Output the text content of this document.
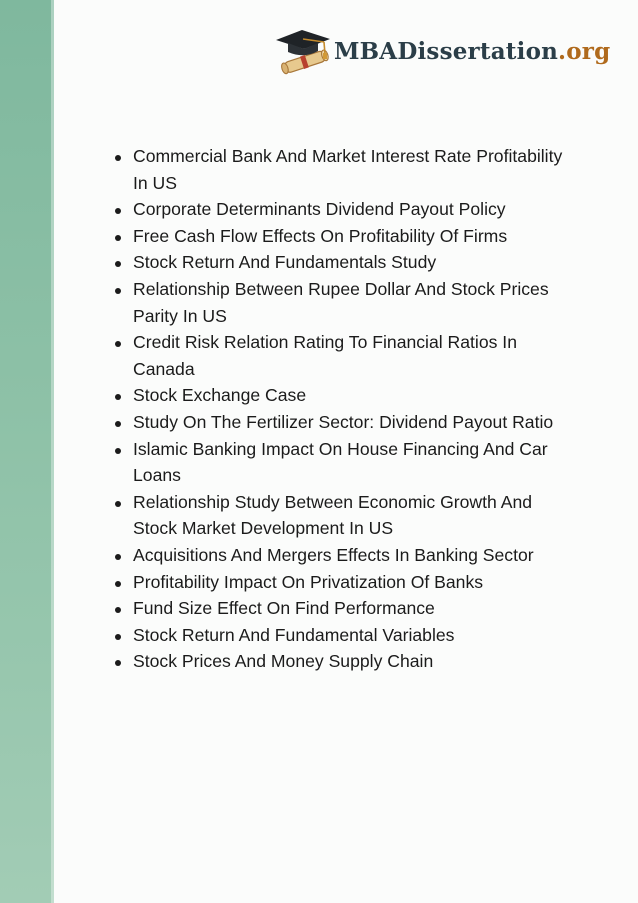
MBADissertation.org
Commercial Bank And Market Interest Rate Profitability In US
Corporate Determinants Dividend Payout Policy
Free Cash Flow Effects On Profitability Of Firms
Stock Return And Fundamentals Study
Relationship Between Rupee Dollar And Stock Prices Parity In US
Credit Risk Relation Rating To Financial Ratios In Canada
Stock Exchange Case
Study On The Fertilizer Sector: Dividend Payout Ratio
Islamic Banking Impact On House Financing And Car Loans
Relationship Study Between Economic Growth And Stock Market Development In US
Acquisitions And Mergers Effects In Banking Sector
Profitability Impact On Privatization Of Banks
Fund Size Effect On Find Performance
Stock Return And Fundamental Variables
Stock Prices And Money Supply Chain
